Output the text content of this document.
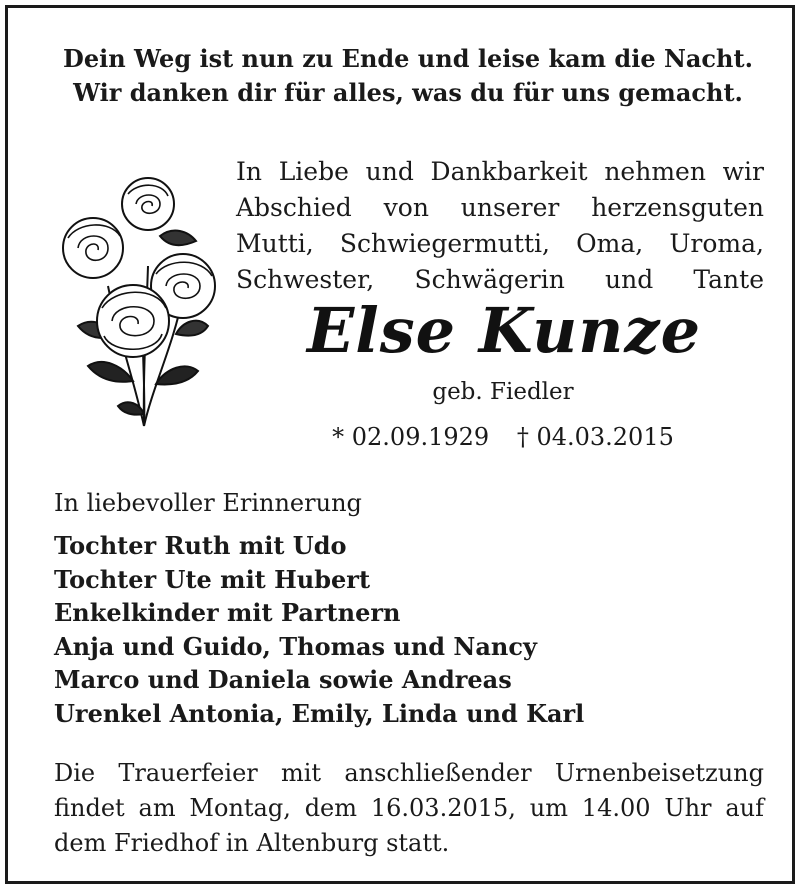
Dein Weg ist nun zu Ende und leise kam die Nacht.
Wir danken dir für alles, was du für uns gemacht.
In Liebe und Dankbarkeit nehmen wir
Abschied von unserer herzensguten
Mutti, Schwiegermutti, Oma, Uroma,
Schwester, Schwägerin und Tante
Else Kunze
geb. Fiedler
* 02.09.1929 † 04.03.2015
In liebevoller Erinnerung
Tochter Ruth mit Udo
Tochter Ute mit Hubert
Enkelkinder mit Partnern
Anja und Guido, Thomas und Nancy
Marco und Daniela sowie Andreas
Urenkel Antonia, Emily, Linda und Karl
Die Trauerfeier mit anschließender Urnenbeisetzung
findet am Montag, dem 16.03.2015, um 14.00 Uhr auf
dem Friedhof in Altenburg statt.
